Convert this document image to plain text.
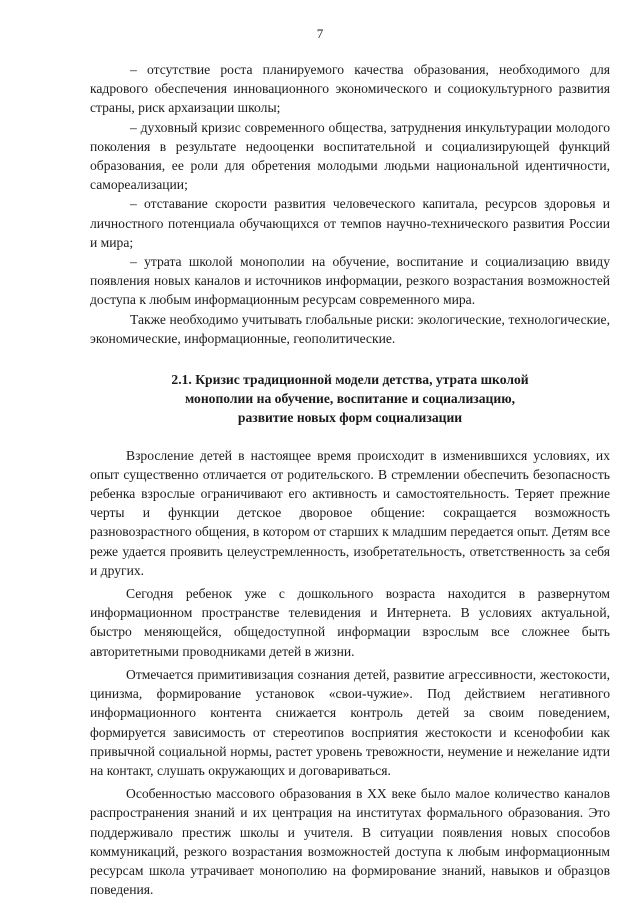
7

– отсутствие роста планируемого качества образования, необходимого для кадрового обеспечения инновационного экономического и социокультурного развития страны, риск архаизации школы;

– духовный кризис современного общества, затруднения инкультурации молодого поколения в результате недооценки воспитательной и социализирующей функций образования, ее роли для обретения молодыми людьми национальной идентичности, самореализации;

– отставание скорости развития человеческого капитала, ресурсов здоровья и личностного потенциала обучающихся от темпов научно-технического развития России и мира;

– утрата школой монополии на обучение, воспитание и социализацию ввиду появления новых каналов и источников информации, резкого возрастания возможностей доступа к любым информационным ресурсам современного мира.

Также необходимо учитывать глобальные риски: экологические, технологические, экономические, информационные, геополитические.

2.1. Кризис традиционной модели детства, утрата школой
монополии на обучение, воспитание и социализацию,
развитие новых форм социализации

Взросление детей в настоящее время происходит в изменившихся условиях, их опыт существенно отличается от родительского. В стремлении обеспечить безопасность ребенка взрослые ограничивают его активность и самостоятельность. Теряет прежние черты и функции детское дворовое общение: сокращается возможность разновозрастного общения, в котором от старших к младшим передается опыт. Детям все реже удается проявить целеустремленность, изобретательность, ответственность за себя и других.

Сегодня ребенок уже с дошкольного возраста находится в развернутом информационном пространстве телевидения и Интернета. В условиях актуальной, быстро меняющейся, общедоступной информации взрослым все сложнее быть авторитетными проводниками детей в жизни.

Отмечается примитивизация сознания детей, развитие агрессивности, жестокости, цинизма, формирование установок «свои-чужие». Под действием негативного информационного контента снижается контроль детей за своим поведением, формируется зависимость от стереотипов восприятия жестокости и ксенофобии как привычной социальной нормы, растет уровень тревожности, неумение и нежелание идти на контакт, слушать окружающих и договариваться.

Особенностью массового образования в XX веке было малое количество каналов распространения знаний и их центрация на институтах формального образования. Это поддерживало престиж школы и учителя. В ситуации появления новых способов коммуникаций, резкого возрастания возможностей доступа к любым информационным ресурсам школа утрачивает монополию на формирование знаний, навыков и образцов поведения.
